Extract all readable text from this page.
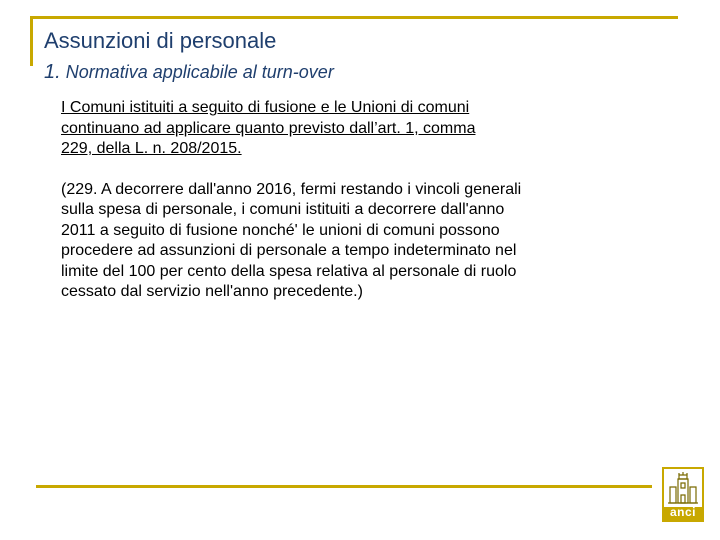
Assunzioni di personale
1. Normativa applicabile al turn-over

I Comuni istituiti a seguito di fusione e le Unioni di comuni
continuano ad applicare quanto previsto dall’art. 1, comma
229, della L. n. 208/2015.

(229. A decorrere dall'anno 2016, fermi restando i vincoli generali
sulla spesa di personale, i comuni istituiti a decorrere dall'anno
2011 a seguito di fusione nonché' le unioni di comuni possono
procedere ad assunzioni di personale a tempo indeterminato nel
limite del 100 per cento della spesa relativa al personale di ruolo
cessato dal servizio nell'anno precedente.)

anci
